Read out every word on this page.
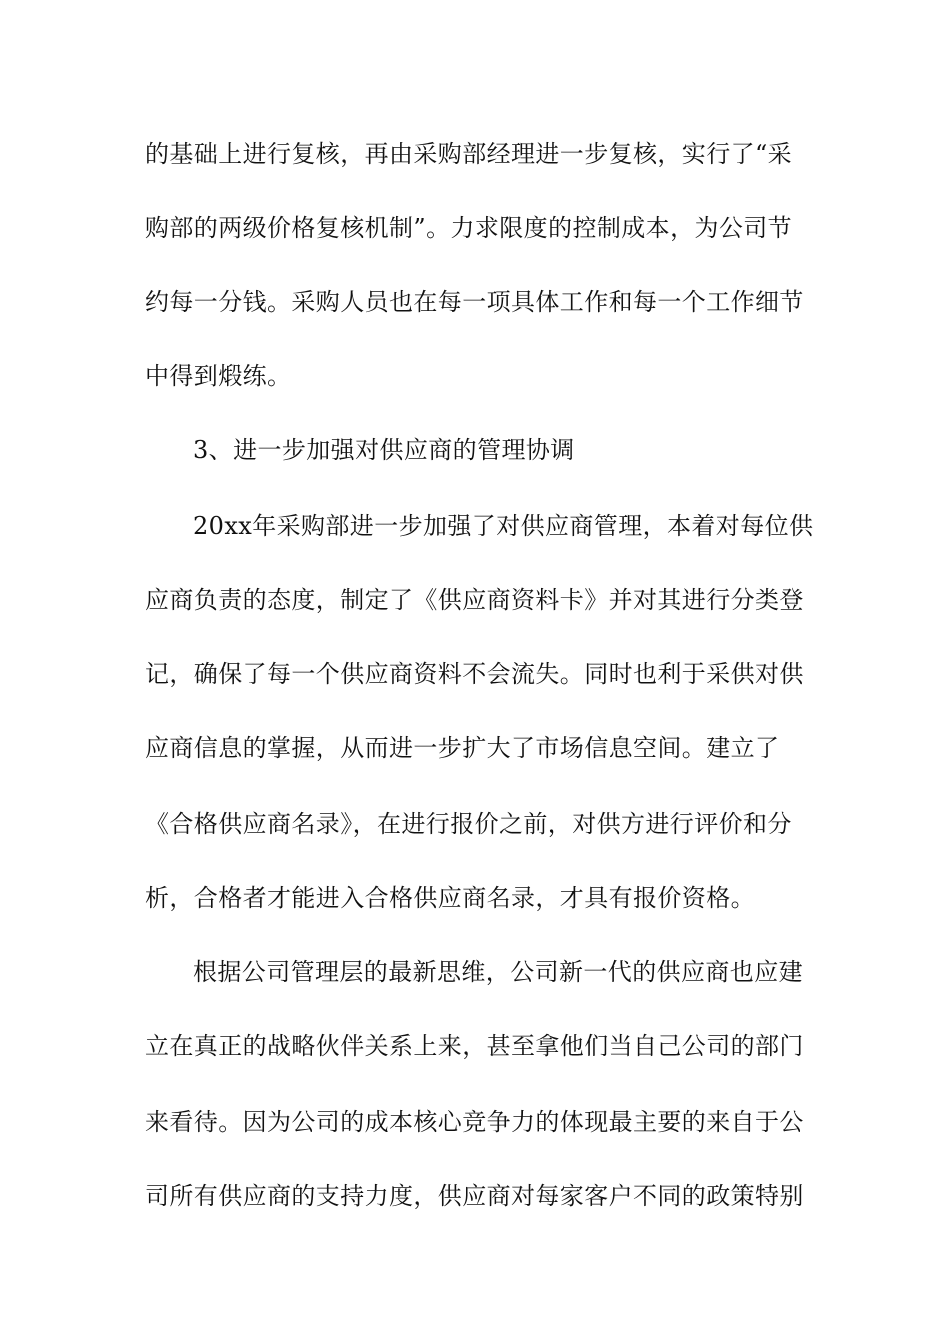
的基础上进行复核，再由采购部经理进一步复核，实行了“采
购部的两级价格复核机制”。力求限度的控制成本，为公司节
约每一分钱。采购人员也在每一项具体工作和每一个工作细节
中得到煅练。
3、进一步加强对供应商的管理协调
20xx年采购部进一步加强了对供应商管理，本着对每位供
应商负责的态度，制定了《供应商资料卡》并对其进行分类登
记，确保了每一个供应商资料不会流失。同时也利于采供对供
应商信息的掌握，从而进一步扩大了市场信息空间。建立了
《合格供应商名录》，在进行报价之前，对供方进行评价和分
析，合格者才能进入合格供应商名录，才具有报价资格。
根据公司管理层的最新思维，公司新一代的供应商也应建
立在真正的战略伙伴关系上来，甚至拿他们当自己公司的部门
来看待。因为公司的成本核心竞争力的体现最主要的来自于公
司所有供应商的支持力度，供应商对每家客户不同的政策特别
